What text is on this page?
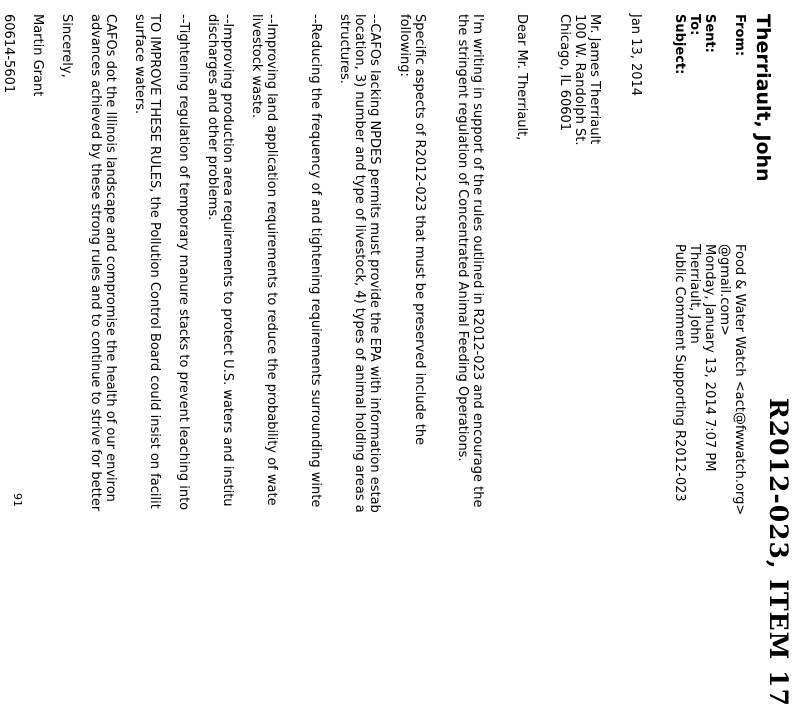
R2012-023, ITEM 17
Therriault, John
From:
Food & Water Watch <act@fwwatch.org>
@gmail.com>
Sent:
Monday, January 13, 2014 7:07 PM
To:
Therriault, John
Subject:
Public Comment Supporting R2012-023
Jan 13, 2014
Mr. James Therriault
100 W. Randolph St.
Chicago, IL 60601
Dear Mr. Therriault,
I'm writing in support of the rules outlined in R2012-023 and encourage the
the stringent regulation of Concentrated Animal Feeding Operations.
Specific aspects of R2012-023 that must be preserved include the
following:
--CAFOs lacking NPDES permits must provide the EPA with information estab
location, 3) number and type of livestock, 4) types of animal holding areas a
structures.
--Reducing the frequency of and tightening requirements surrounding winte
--Improving land application requirements to reduce the probability of wate
livestock waste.
--Improving production area requirements to protect U.S. waters and institu
discharges and other problems.
--Tightening regulation of temporary manure stacks to prevent leaching into
TO IMPROVE THESE RULES, the Pollution Control Board could insist on facilit
surface waters.
CAFOs dot the Illinois landscape and compromise the health of our environ
advances achieved by these strong rules and to continue to strive for better
Sincerely,
Martin Grant
60614-5601
91
